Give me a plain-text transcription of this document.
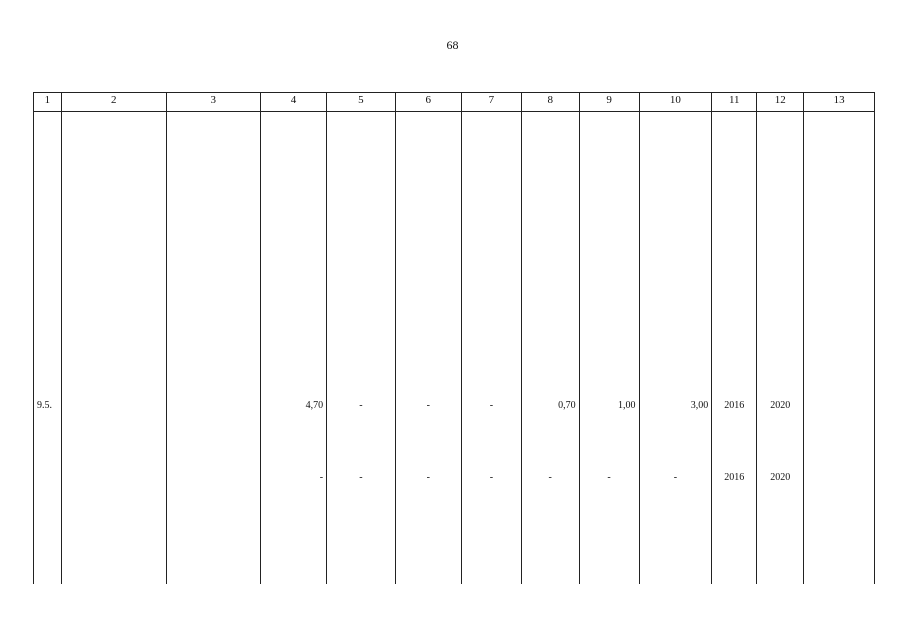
68
1	2	3	4	5	6	7	8	9	10	11	12	13

9.5.			4,70	-	-	-	0,70	1,00	3,00	2016	2020	
			-	-	-	-	-	-	-	2016	2020	
